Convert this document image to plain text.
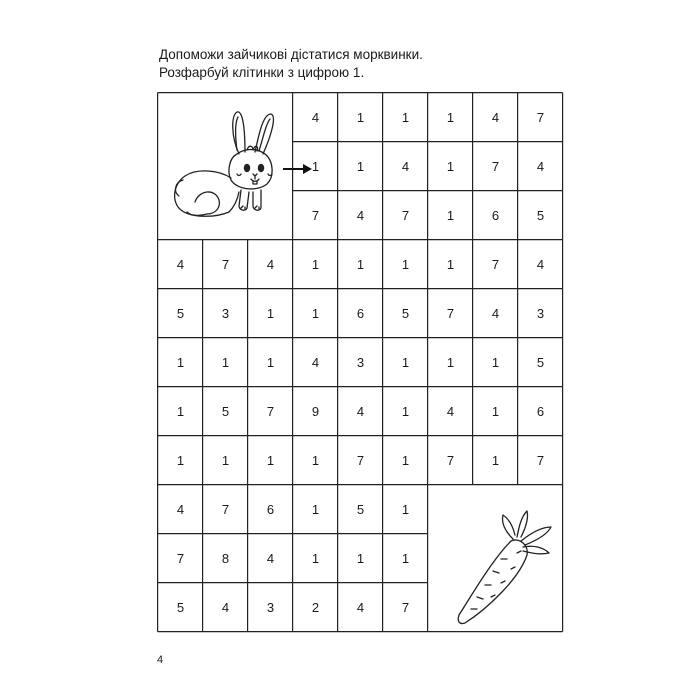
Допоможи зайчикові дістатися морквинки.
Розфарбуй клітинки з цифрою 1.
4	1	1	1	4	7
1	1	4	1	7	4
7	4	7	1	6	5
4	7	4	1	1	1	1	7	4
5	3	1	1	6	5	7	4	3
1	1	1	4	3	1	1	1	5
1	5	7	9	4	1	4	1	6
1	1	1	1	7	1	7	1	7
4	7	6	1	5	1
7	8	4	1	1	1
5	4	3	2	4	7
4
